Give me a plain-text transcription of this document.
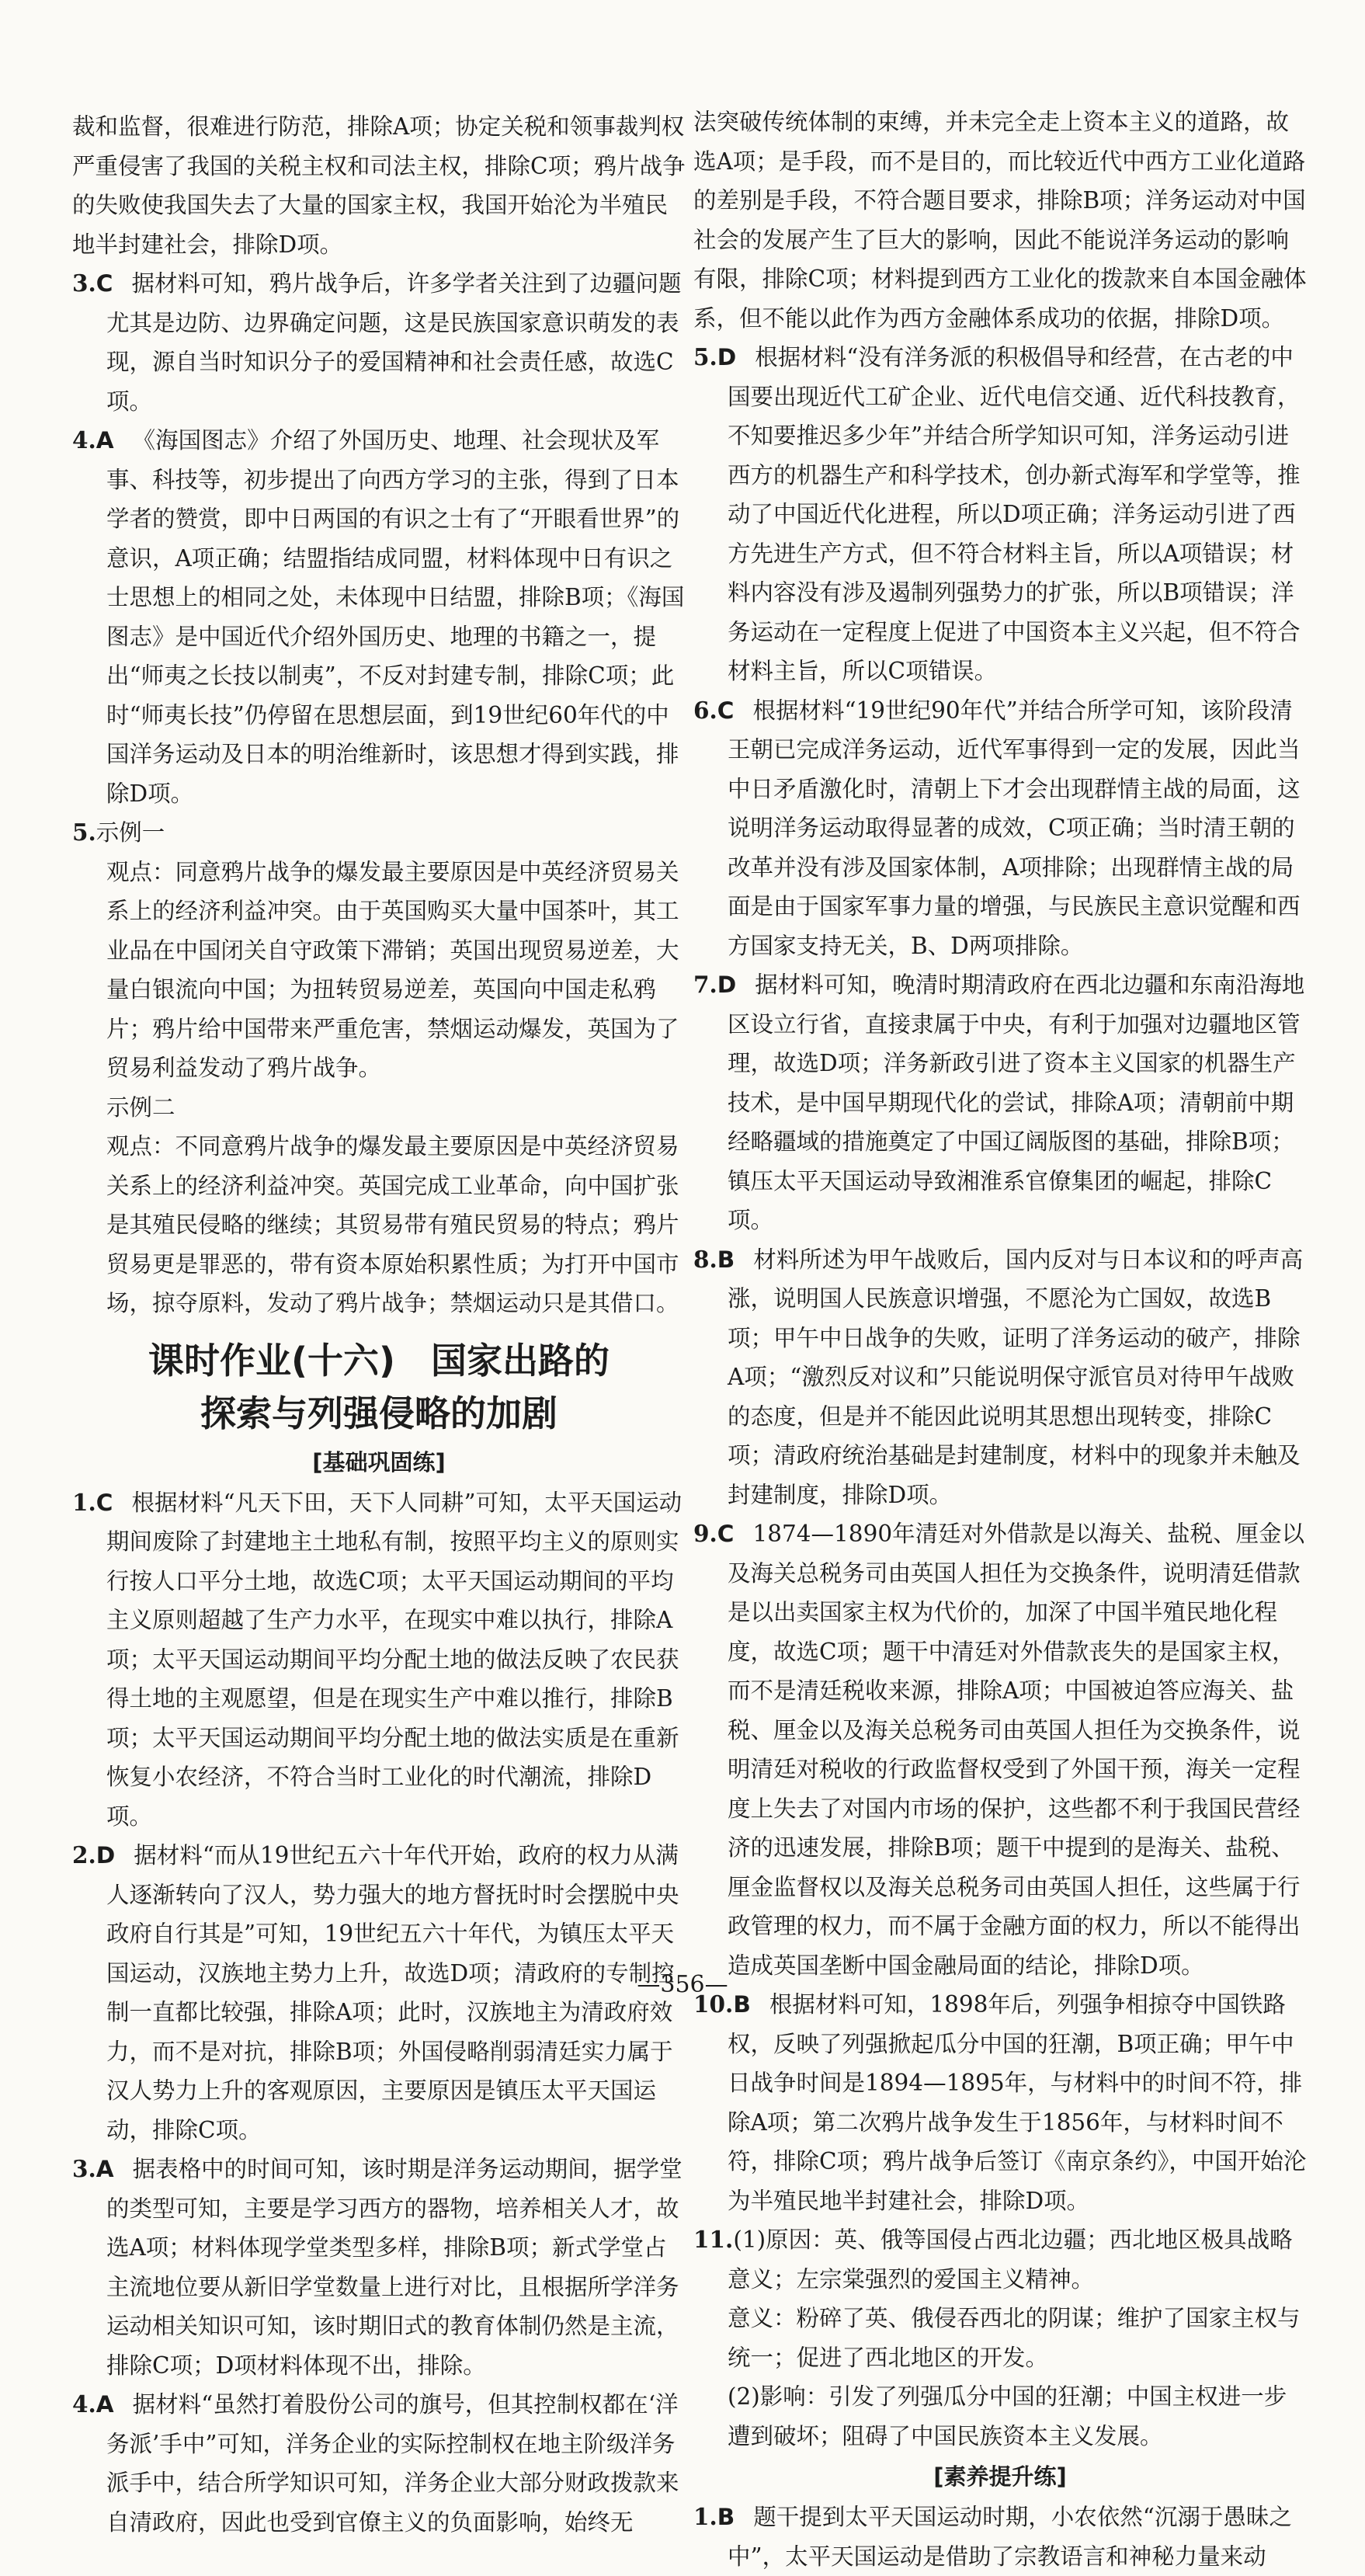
裁和监督，很难进行防范，排除A项；协定关税和领事裁判权严重侵害了我国的关税主权和司法主权，排除C项；鸦片战争的失败使我国失去了大量的国家主权，我国开始沦为半殖民地半封建社会，排除D项。

3.C 据材料可知，鸦片战争后，许多学者关注到了边疆问题尤其是边防、边界确定问题，这是民族国家意识萌发的表现，源自当时知识分子的爱国精神和社会责任感，故选C项。

4.A 《海国图志》介绍了外国历史、地理、社会现状及军事、科技等，初步提出了向西方学习的主张，得到了日本学者的赞赏，即中日两国的有识之士有了“开眼看世界”的意识，A项正确；结盟指结成同盟，材料体现中日有识之士思想上的相同之处，未体现中日结盟，排除B项；《海国图志》是中国近代介绍外国历史、地理的书籍之一，提出“师夷之长技以制夷”，不反对封建专制，排除C项；此时“师夷长技”仍停留在思想层面，到19世纪60年代的中国洋务运动及日本的明治维新时，该思想才得到实践，排除D项。

5.示例一

观点：同意鸦片战争的爆发最主要原因是中英经济贸易关系上的经济利益冲突。由于英国购买大量中国茶叶，其工业品在中国闭关自守政策下滞销；英国出现贸易逆差，大量白银流向中国；为扭转贸易逆差，英国向中国走私鸦片；鸦片给中国带来严重危害，禁烟运动爆发，英国为了贸易利益发动了鸦片战争。

示例二

观点：不同意鸦片战争的爆发最主要原因是中英经济贸易关系上的经济利益冲突。英国完成工业革命，向中国扩张是其殖民侵略的继续；其贸易带有殖民贸易的特点；鸦片贸易更是罪恶的，带有资本原始积累性质；为打开中国市场，掠夺原料，发动了鸦片战争；禁烟运动只是其借口。

课时作业(十六)　国家出路的
探索与列强侵略的加剧
[基础巩固练]

1.C 根据材料“凡天下田，天下人同耕”可知，太平天国运动期间废除了封建地主土地私有制，按照平均主义的原则实行按人口平分土地，故选C项；太平天国运动期间的平均主义原则超越了生产力水平，在现实中难以执行，排除A项；太平天国运动期间平均分配土地的做法反映了农民获得土地的主观愿望，但是在现实生产中难以推行，排除B项；太平天国运动期间平均分配土地的做法实质是在重新恢复小农经济，不符合当时工业化的时代潮流，排除D项。

2.D 据材料“而从19世纪五六十年代开始，政府的权力从满人逐渐转向了汉人，势力强大的地方督抚时时会摆脱中央政府自行其是”可知，19世纪五六十年代，为镇压太平天国运动，汉族地主势力上升，故选D项；清政府的专制控制一直都比较强，排除A项；此时，汉族地主为清政府效力，而不是对抗，排除B项；外国侵略削弱清廷实力属于汉人势力上升的客观原因，主要原因是镇压太平天国运动，排除C项。

3.A 据表格中的时间可知，该时期是洋务运动期间，据学堂的类型可知，主要是学习西方的器物，培养相关人才，故选A项；材料体现学堂类型多样，排除B项；新式学堂占主流地位要从新旧学堂数量上进行对比，且根据所学洋务运动相关知识可知，该时期旧式的教育体制仍然是主流，排除C项；D项材料体现不出，排除。

4.A 据材料“虽然打着股份公司的旗号，但其控制权都在‘洋务派’手中”可知，洋务企业的实际控制权在地主阶级洋务派手中，结合所学知识可知，洋务企业大部分财政拨款来自清政府，因此也受到官僚主义的负面影响，始终无

法突破传统体制的束缚，并未完全走上资本主义的道路，故选A项；是手段，而不是目的，而比较近代中西方工业化道路的差别是手段，不符合题目要求，排除B项；洋务运动对中国社会的发展产生了巨大的影响，因此不能说洋务运动的影响有限，排除C项；材料提到西方工业化的拨款来自本国金融体系，但不能以此作为西方金融体系成功的依据，排除D项。

5.D 根据材料“没有洋务派的积极倡导和经营，在古老的中国要出现近代工矿企业、近代电信交通、近代科技教育，不知要推迟多少年”并结合所学知识可知，洋务运动引进西方的机器生产和科学技术，创办新式海军和学堂等，推动了中国近代化进程，所以D项正确；洋务运动引进了西方先进生产方式，但不符合材料主旨，所以A项错误；材料内容没有涉及遏制列强势力的扩张，所以B项错误；洋务运动在一定程度上促进了中国资本主义兴起，但不符合材料主旨，所以C项错误。

6.C 根据材料“19世纪90年代”并结合所学可知，该阶段清王朝已完成洋务运动，近代军事得到一定的发展，因此当中日矛盾激化时，清朝上下才会出现群情主战的局面，这说明洋务运动取得显著的成效，C项正确；当时清王朝的改革并没有涉及国家体制，A项排除；出现群情主战的局面是由于国家军事力量的增强，与民族民主意识觉醒和西方国家支持无关，B、D两项排除。

7.D 据材料可知，晚清时期清政府在西北边疆和东南沿海地区设立行省，直接隶属于中央，有利于加强对边疆地区管理，故选D项；洋务新政引进了资本主义国家的机器生产技术，是中国早期现代化的尝试，排除A项；清朝前中期经略疆域的措施奠定了中国辽阔版图的基础，排除B项；镇压太平天国运动导致湘淮系官僚集团的崛起，排除C项。

8.B 材料所述为甲午战败后，国内反对与日本议和的呼声高涨，说明国人民族意识增强，不愿沦为亡国奴，故选B项；甲午中日战争的失败，证明了洋务运动的破产，排除A项；“激烈反对议和”只能说明保守派官员对待甲午战败的态度，但是并不能因此说明其思想出现转变，排除C项；清政府统治基础是封建制度，材料中的现象并未触及封建制度，排除D项。

9.C 1874—1890年清廷对外借款是以海关、盐税、厘金以及海关总税务司由英国人担任为交换条件，说明清廷借款是以出卖国家主权为代价的，加深了中国半殖民地化程度，故选C项；题干中清廷对外借款丧失的是国家主权，而不是清廷税收来源，排除A项；中国被迫答应海关、盐税、厘金以及海关总税务司由英国人担任为交换条件，说明清廷对税收的行政监督权受到了外国干预，海关一定程度上失去了对国内市场的保护，这些都不利于我国民营经济的迅速发展，排除B项；题干中提到的是海关、盐税、厘金监督权以及海关总税务司由英国人担任，这些属于行政管理的权力，而不属于金融方面的权力，所以不能得出造成英国垄断中国金融局面的结论，排除D项。

10.B 根据材料可知，1898年后，列强争相掠夺中国铁路权，反映了列强掀起瓜分中国的狂潮，B项正确；甲午中日战争时间是1894—1895年，与材料中的时间不符，排除A项；第二次鸦片战争发生于1856年，与材料时间不符，排除C项；鸦片战争后签订《南京条约》，中国开始沦为半殖民地半封建社会，排除D项。

11.(1)原因：英、俄等国侵占西北边疆；西北地区极具战略意义；左宗棠强烈的爱国主义精神。

意义：粉碎了英、俄侵吞西北的阴谋；维护了国家主权与统一；促进了西北地区的开发。

(2)影响：引发了列强瓜分中国的狂潮；中国主权进一步遭到破坏；阻碍了中国民族资本主义发展。

[素养提升练]

1.B 题干提到太平天国运动时期，小农依然“沉溺于愚昧之中”，太平天国运动是借助了宗教语言和神秘力量来动

—356—
